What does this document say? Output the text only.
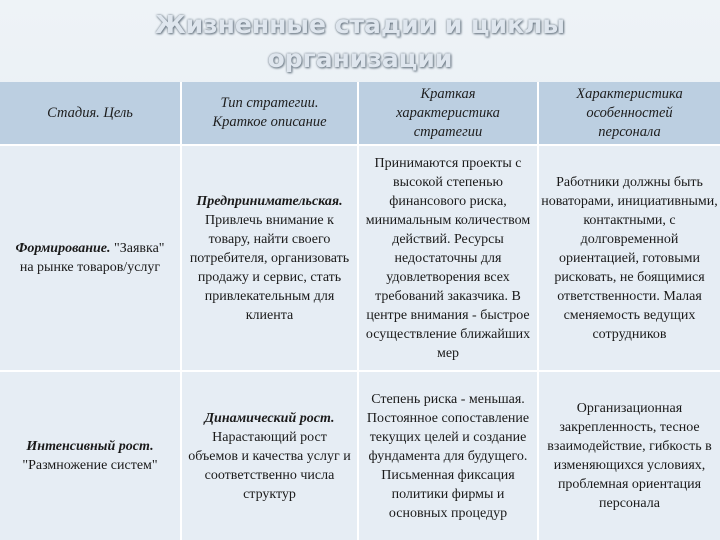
Жизненные стадии и циклы
организации
Стадия. Цель
Тип стратегии. Краткое описание
Краткая характеристика стратегии
Характеристика особенностей персонала
Формирование. "Заявка"
на рынке товаров/услуг
Предпринимательская.
Привлечь внимание к товару, найти своего потребителя, организовать продажу и сервис, стать привлекательным для клиента
Принимаются проекты с высокой степенью финансового риска, минимальным количеством действий. Ресурсы недостаточны для удовлетворения всех требований заказчика. В центре внимания - быстрое осуществление ближайших мер
Работники должны быть новаторами, инициативными, контактными, с долговременной ориентацией, готовыми рисковать, не боящимися ответственности. Малая сменяемость ведущих сотрудников
Интенсивный рост.
"Размножение систем"
Динамический рост.
Нарастающий рост объемов и качества услуг и соответственно числа структур
Степень риска - меньшая. Постоянное сопоставление текущих целей и создание фундамента для будущего. Письменная фиксация политики фирмы и основных процедур
Организационная закрепленность, тесное взаимодействие, гибкость в изменяющихся условиях, проблемная ориентация персонала
